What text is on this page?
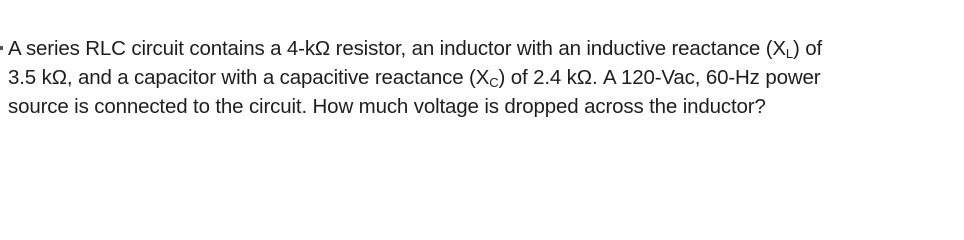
A series RLC circuit contains a 4-kΩ resistor, an inductor with an inductive reactance $(X_L)$ of
3.5 kΩ, and a capacitor with a capacitive reactance $(X_C)$ of 2.4 kΩ. A 120-Vac, 60-Hz power
source is connected to the circuit. How much voltage is dropped across the inductor?
